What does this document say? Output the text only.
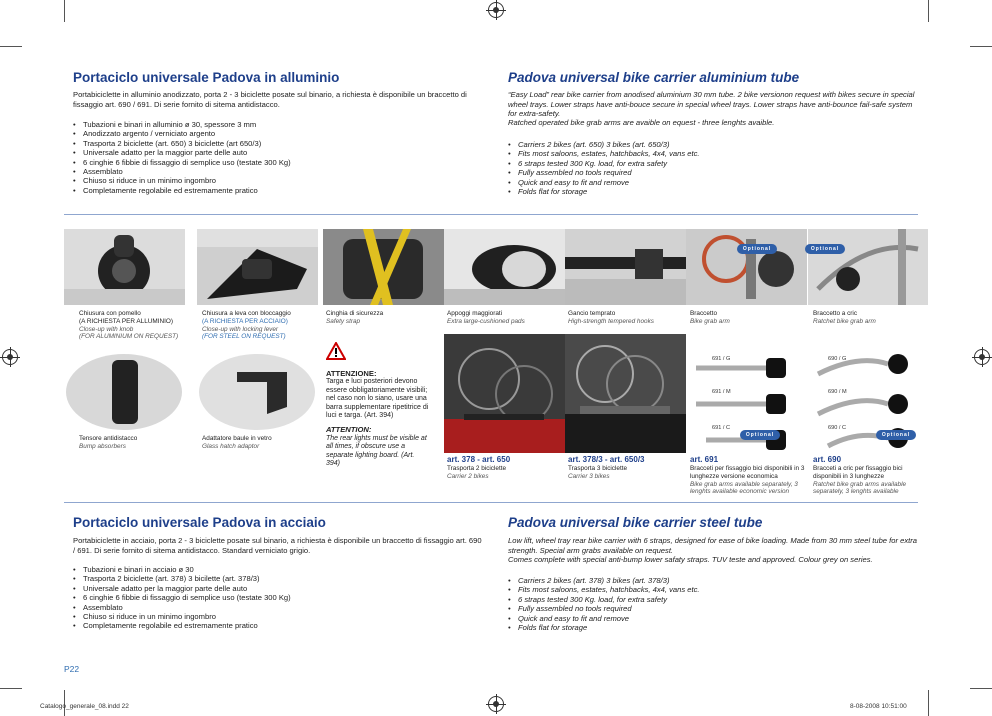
Portaciclo universale Padova in alluminio
Portabiciclette in alluminio anodizzato, porta 2 - 3 biciclette posate sul binario, a richiesta è disponibile un braccetto di fissaggio art. 690 / 691. Di serie fornito di sitema antidistacco.
• Tubazioni e binari in alluminio ø 30, spessore 3 mm
• Anodizzato argento / verniciato argento
• Trasporta 2 biciclette (art. 650) 3 biciclette (art 650/3)
• Universale adatto per la maggior parte delle auto
• 6 cinghie 6 fibbie di fissaggio di semplice uso (testate 300 Kg)
• Assemblato
• Chiuso si riduce in un minimo ingombro
• Completamente regolabile ed estremamente pratico
Padova universal bike carrier aluminium tube
“Easy Load” rear bike carrier from anodised aluminium 30 mm tube. 2 bike versionon request with bikes secure in special wheel trays. Lower straps have anti-bouce secure in special wheel trays. Lower straps have anti-bounce fail-safe system for extra-safety.
Ratched operated bike grab arms are avaible on equest - three lenghts avaible.
• Carriers 2 bikes (art. 650) 3 bikes (art. 650/3)
• Fits most saloons, estates, hatchbacks, 4x4, vans etc.
• 6 straps tested 300 Kg. load, for extra safety
• Fully assembled no tools required
• Quick and easy to fit and remove
• Folds flat for storage
Optional	Optional
Chiusura con pomello
(A RICHIESTA PER ALLUMINIO)
Close-up with knob
(FOR ALUMINIUM ON REQUEST)
Chiusura a leva con bloccaggio
(A RICHIESTA PER ACCIAIO)
Close-up with locking lever
(FOR STEEL ON REQUEST)
Cinghia di sicurezza
Safety strap
Appoggi maggiorati
Extra large-cushioned pads
Gancio temprato
High-strength tempered hooks
Braccetto
Bike grab arm
Braccetto a cric
Ratchet bike grab arm
Tensore antidistacco
Bump absorbers
Adattatore baule in vetro
Glass hatch adaptor
ATTENZIONE:
Targa e luci posteriori devono essere obbligatoriamente visibili; nel caso non lo siano, usare una barra supplementare ripetitrice di luci e targa. (Art. 394)
ATTENTION:
The rear lights must be visible at all times, if obscure use a separate lighting board. (Art. 394)
691 / G
691 / M
691 / C
690 / G
690 / M
690 / C
Optional	Optional
art. 378 - art. 650
Trasporta 2 biciclette
Carrier 2 bikes
art. 378/3 - art. 650/3
Trasporta 3 biciclette
Carrier 3 bikes
art. 691
Bracceti per fissaggio bici disponibili in 3 lunghezze versione economica
Bike grab arms available separately, 3 lenghts available economic version
art. 690
Bracceti a cric per fissaggio bici disponibili in 3 lunghezze
Ratchet bike grab arms available separately, 3 lenghts available
Portaciclo universale Padova in acciaio
Portabiciclette in acciaio, porta 2 - 3 biciclette posate sul binario, a richiesta è disponibile un braccetto di fissaggio art. 690 / 691. Di serie fornito di sitema antidistacco. Standard verniciato grigio.
• Tubazioni e binari in acciaio ø 30
• Trasporta 2 biciclette (art. 378) 3 bicilette (art. 378/3)
• Universale adatto per la maggior parte delle auto
• 6 cinghie 6 fibbie di fissaggio di semplice uso (testate 300 Kg)
• Assemblato
• Chiuso si riduce in un minimo ingombro
• Completamente regolabile ed estremamente pratico
Padova universal bike carrier steel tube
Low lift, wheel tray rear bike carrier with 6 straps, designed for ease of bike loading. Made from 30 mm steel tube for extra strength. Special arm grabs available on request.
Comes complete with special anti-bump lower safaty straps. TUV teste and approved. Colour grey on series.
• Carriers 2 bikes (art. 378) 3 bikes (art. 378/3)
• Fits most saloons, estates, hatchbacks, 4x4, vans etc.
• 6 straps tested 300 Kg. load, for extra safety
• Fully assembled no tools required
• Quick and easy to fit and remove
• Folds flat for storage
P22
Catalogo_generale_08.indd 22	8-08-2008 10:51:00
